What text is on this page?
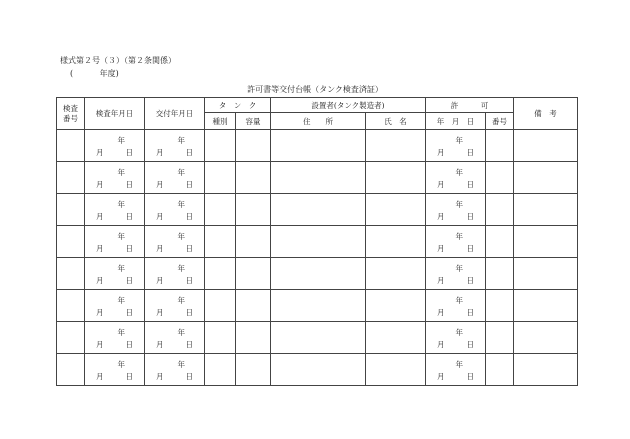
様式第２号（３）（第２条関係）
(	年度)
許可書等交付台帳（タンク検査済証）
検査
番号	検査年月日	交付年月日	タ　ン　ク		設置者(タンク製造者)		許　　　可		備　考
			種別	容量	住　　所	氏　名	年　月　日	番号	

	年
月 日	年
月 日					年
月 日		

	年
月 日	年
月 日					年
月 日		

	年
月 日	年
月 日					年
月 日		

	年
月 日	年
月 日					年
月 日		

	年
月 日	年
月 日					年
月 日		

	年
月 日	年
月 日					年
月 日		

	年
月 日	年
月 日					年
月 日		

	年
月 日	年
月 日					年
月 日		
